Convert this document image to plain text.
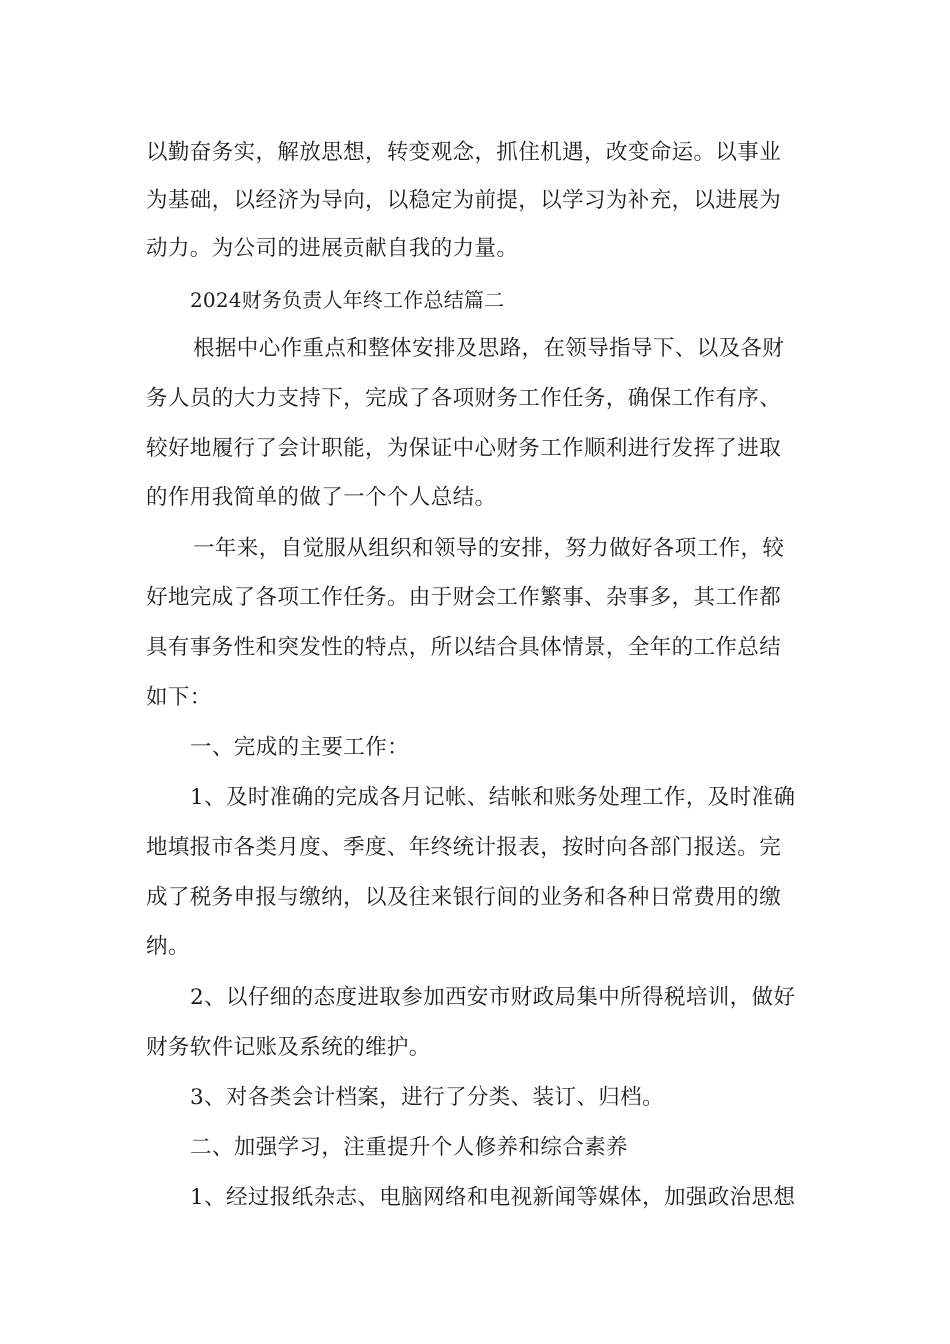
以勤奋务实，解放思想，转变观念，抓住机遇，改变命运。以事业
为基础，以经济为导向，以稳定为前提，以学习为补充，以进展为
动力。为公司的进展贡献自我的力量。
2024财务负责人年终工作总结篇二
根据中心作重点和整体安排及思路，在领导指导下、以及各财
务人员的大力支持下，完成了各项财务工作任务，确保工作有序、
较好地履行了会计职能，为保证中心财务工作顺利进行发挥了进取
的作用我简单的做了一个个人总结。
一年来，自觉服从组织和领导的安排，努力做好各项工作，较
好地完成了各项工作任务。由于财会工作繁事、杂事多，其工作都
具有事务性和突发性的特点，所以结合具体情景，全年的工作总结
如下：
一、完成的主要工作：
1、及时准确的完成各月记帐、结帐和账务处理工作，及时准确
地填报市各类月度、季度、年终统计报表，按时向各部门报送。完
成了税务申报与缴纳，以及往来银行间的业务和各种日常费用的缴
纳。
2、以仔细的态度进取参加西安市财政局集中所得税培训，做好
财务软件记账及系统的维护。
3、对各类会计档案，进行了分类、装订、归档。
二、加强学习，注重提升个人修养和综合素养
1、经过报纸杂志、电脑网络和电视新闻等媒体，加强政治思想
